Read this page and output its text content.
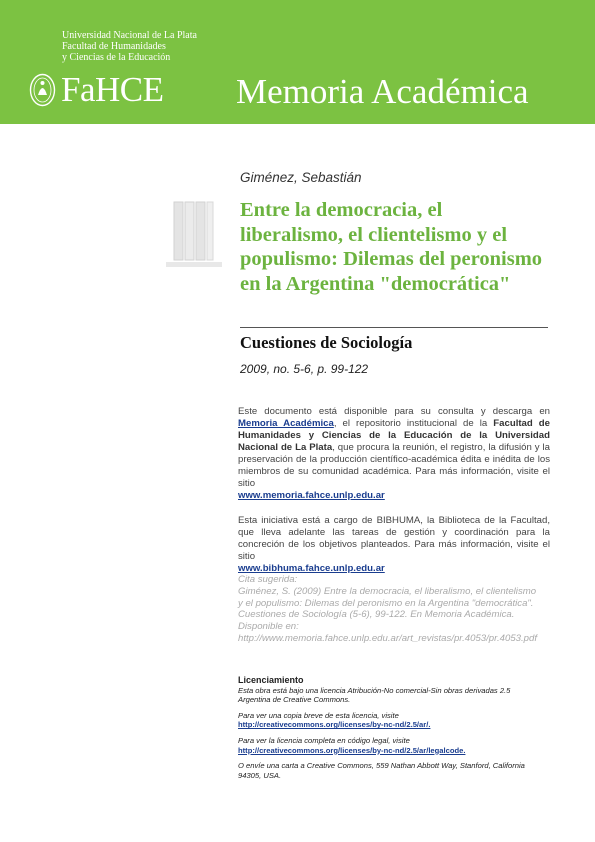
Universidad Nacional de La Plata
Facultad de Humanidades
y Ciencias de la Educación
FaHCE Memoria Académica
Giménez, Sebastián
Entre la democracia, el liberalismo, el clientelismo y el populismo: Dilemas del peronismo en la Argentina "democrática"
Cuestiones de Sociología
2009, no. 5-6, p. 99-122
Este documento está disponible para su consulta y descarga en Memoria Académica, el repositorio institucional de la Facultad de Humanidades y Ciencias de la Educación de la Universidad Nacional de La Plata, que procura la reunión, el registro, la difusión y la preservación de la producción científico-académica édita e inédita de los miembros de su comunidad académica. Para más información, visite el sitio
www.memoria.fahce.unlp.edu.ar
Esta iniciativa está a cargo de BIBHUMA, la Biblioteca de la Facultad, que lleva adelante las tareas de gestión y coordinación para la concreción de los objetivos planteados. Para más información, visite el sitio
www.bibhuma.fahce.unlp.edu.ar
Cita sugerida:
Giménez, S. (2009) Entre la democracia, el liberalismo, el clientelismo
y el populismo: Dilemas del peronismo en la Argentina "democrática".
Cuestiones de Sociología (5-6), 99-122. En Memoria Académica.
Disponible en:
http://www.memoria.fahce.unlp.edu.ar/art_revistas/pr.4053/pr.4053.pdf
Licenciamiento
Esta obra está bajo una licencia Atribución-No comercial-Sin obras derivadas 2.5
Argentina de Creative Commons.
Para ver una copia breve de esta licencia, visite
http://creativecommons.org/licenses/by-nc-nd/2.5/ar/.
Para ver la licencia completa en código legal, visite
http://creativecommons.org/licenses/by-nc-nd/2.5/ar/legalcode.
O envíe una carta a Creative Commons, 559 Nathan Abbott Way, Stanford, California
94305, USA.
